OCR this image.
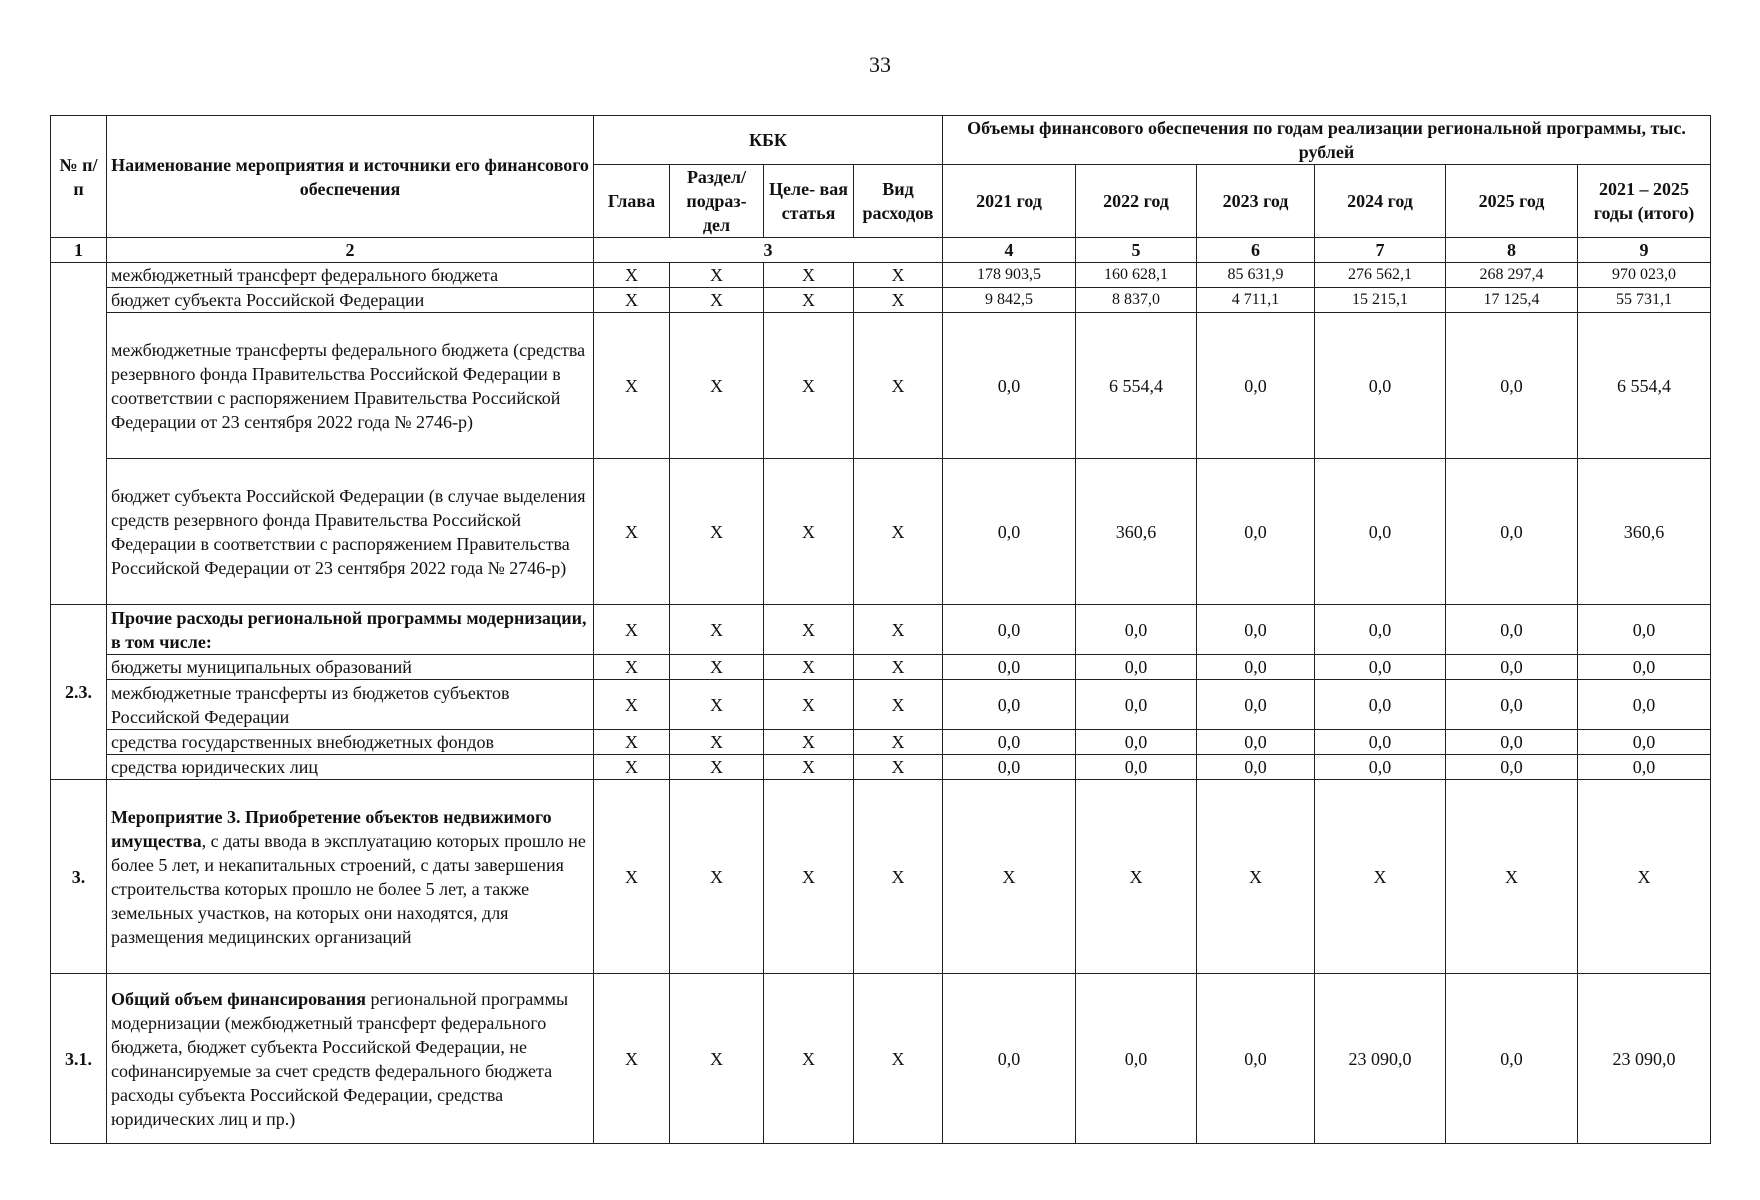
33
№ п/п	Наименование мероприятия и источники его финансового обеспечения	КБК				Объемы финансового обеспечения по годам реализации региональной программы, тыс. рублей					
		Глава	Раздел/ подраз- дел	Целе- вая статья	Вид расходов	2021 год	2022 год	2023 год	2024 год	2025 год	2021 – 2025 годы (итого)
1	2	3				4	5	6	7	8	9
	межбюджетный трансферт федерального бюджета	Х	Х	Х	Х	178 903,5	160 628,1	85 631,9	276 562,1	268 297,4	970 023,0
	бюджет субъекта Российской Федерации	Х	Х	Х	Х	9 842,5	8 837,0	4 711,1	15 215,1	17 125,4	55 731,1
	межбюджетные трансферты федерального бюджета (средства резервного фонда Правительства Российской Федерации в соответствии с распоряжением Правительства Российской Федерации от 23 сентября 2022 года № 2746-р)	Х	Х	Х	Х	0,0	6 554,4	0,0	0,0	0,0	6 554,4
	бюджет субъекта Российской Федерации (в случае выделения средств резервного фонда Правительства Российской Федерации в соответствии с распоряжением Правительства Российской Федерации от 23 сентября 2022 года № 2746-р)	Х	Х	Х	Х	0,0	360,6	0,0	0,0	0,0	360,6
2.3.	Прочие расходы региональной программы модернизации, в том числе:	Х	Х	Х	Х	0,0	0,0	0,0	0,0	0,0	0,0
	бюджеты муниципальных образований	Х	Х	Х	Х	0,0	0,0	0,0	0,0	0,0	0,0
	межбюджетные трансферты из бюджетов субъектов Российской Федерации	Х	Х	Х	Х	0,0	0,0	0,0	0,0	0,0	0,0
	средства государственных внебюджетных фондов	Х	Х	Х	Х	0,0	0,0	0,0	0,0	0,0	0,0
	средства юридических лиц	Х	Х	Х	Х	0,0	0,0	0,0	0,0	0,0	0,0
3.	Мероприятие 3. Приобретение объектов недвижимого имущества, с даты ввода в эксплуатацию которых прошло не более 5 лет, и некапитальных строений, с даты завершения строительства которых прошло не более 5 лет, а также земельных участков, на которых они находятся, для размещения медицинских организаций	Х	Х	Х	Х	Х	Х	Х	Х	Х	Х
3.1.	Общий объем финансирования региональной программы модернизации (межбюджетный трансферт федерального бюджета, бюджет субъекта Российской Федерации, не софинансируемые за счет средств федерального бюджета расходы субъекта Российской Федерации, средства юридических лиц и пр.)	Х	Х	Х	Х	0,0	0,0	0,0	23 090,0	0,0	23 090,0
